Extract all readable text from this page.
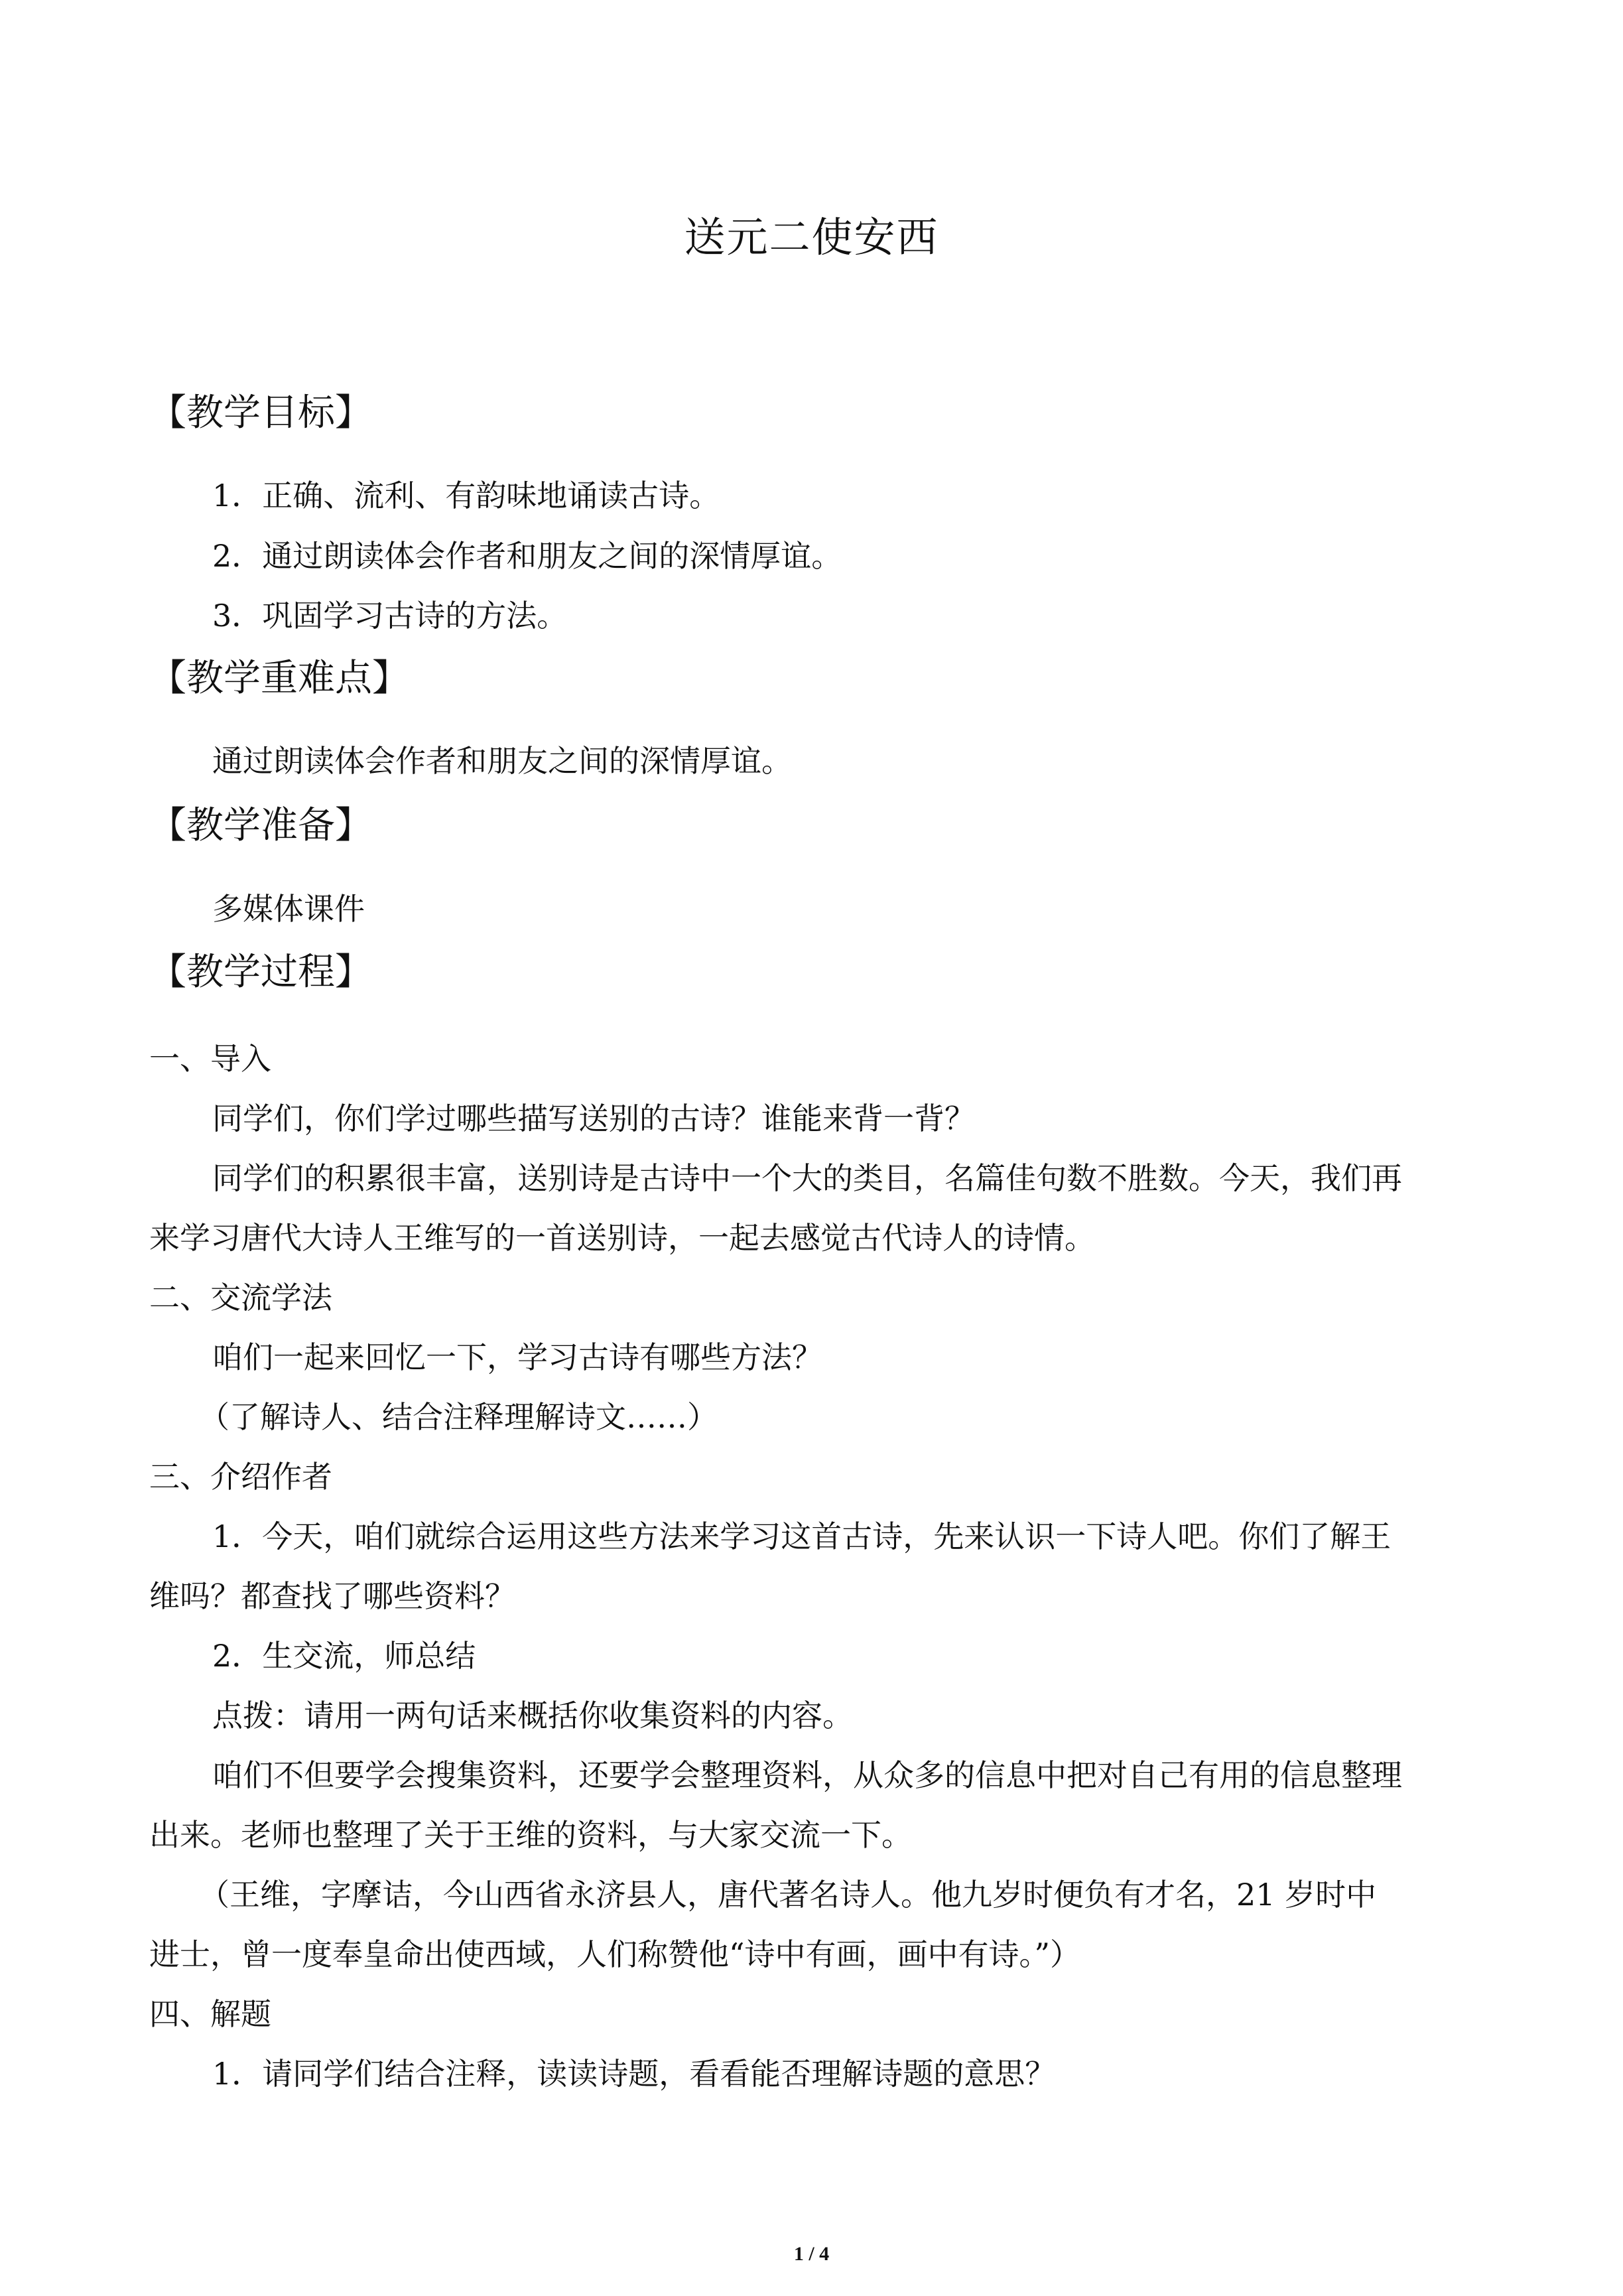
送元二使安西
【教学目标】
1．正确、流利、有韵味地诵读古诗。
2．通过朗读体会作者和朋友之间的深情厚谊。
3．巩固学习古诗的方法。
【教学重难点】
通过朗读体会作者和朋友之间的深情厚谊。
【教学准备】
多媒体课件
【教学过程】
一、导入
同学们，你们学过哪些描写送别的古诗？谁能来背一背？
同学们的积累很丰富，送别诗是古诗中一个大的类目，名篇佳句数不胜数。今天，我们再
来学习唐代大诗人王维写的一首送别诗，一起去感觉古代诗人的诗情。
二、交流学法
咱们一起来回忆一下，学习古诗有哪些方法？
（了解诗人、结合注释理解诗文……）
三、介绍作者
1．今天，咱们就综合运用这些方法来学习这首古诗，先来认识一下诗人吧。你们了解王
维吗？都查找了哪些资料？
2．生交流，师总结
点拨：请用一两句话来概括你收集资料的内容。
咱们不但要学会搜集资料，还要学会整理资料，从众多的信息中把对自己有用的信息整理
出来。老师也整理了关于王维的资料，与大家交流一下。
（王维，字摩诘，今山西省永济县人，唐代著名诗人。他九岁时便负有才名，21 岁时中
进士，曾一度奉皇命出使西域，人们称赞他“诗中有画，画中有诗。”）
四、解题
1．请同学们结合注释，读读诗题，看看能否理解诗题的意思？
1 / 4
